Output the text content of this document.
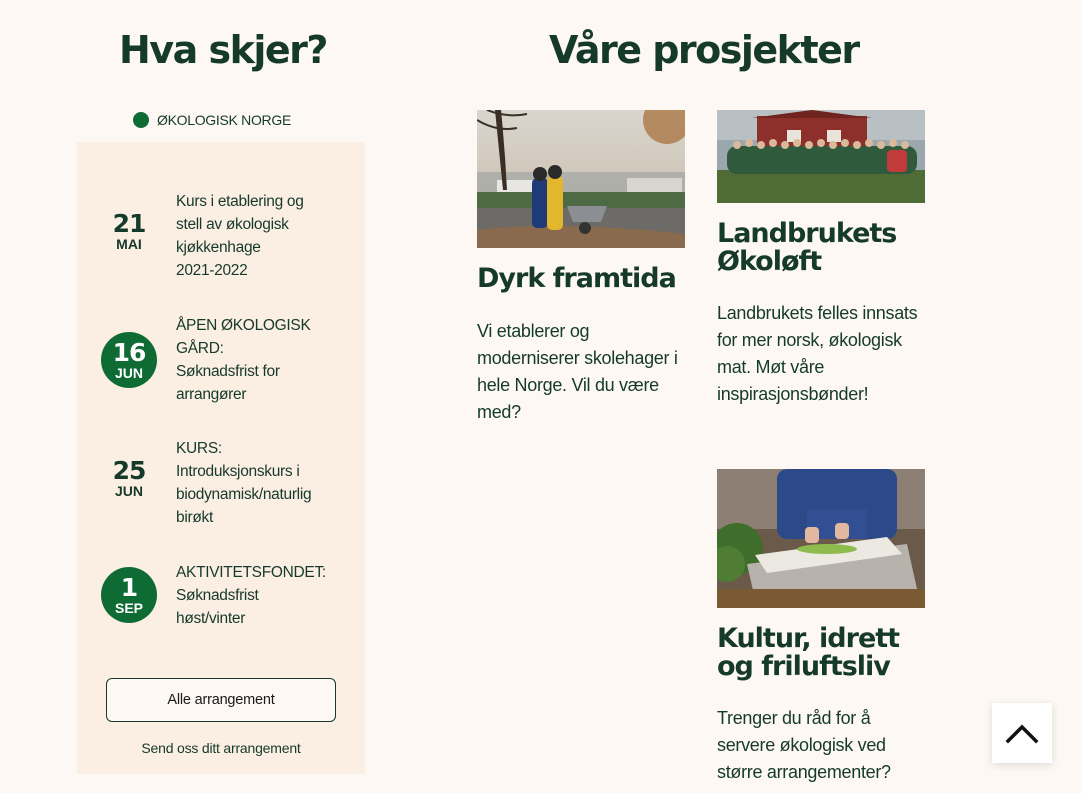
Hva skjer?	Våre prosjekter
ØKOLOGISK NORGE
21
MAI
Kurs i etablering og
stell av økologisk
kjøkkenhage
2021-2022
16
JUN
ÅPEN ØKOLOGISK
GÅRD:
Søknadsfrist for
arrangører
25
JUN
KURS:
Introduksjonskurs i
biodynamisk/naturlig
birøkt
1
SEP
AKTIVITETSFONDET:
Søknadsfrist
høst/vinter
Alle arrangement
Send oss ditt arrangement
Dyrk framtida

Vi etablerer og moderniserer skolehager i hele Norge. Vil du være med?

Landbrukets Økoløft

Landbrukets felles innsats for mer norsk, økologisk mat. Møt våre inspirasjonsbønder!

Kultur, idrett og friluftsliv

Trenger du råd for å servere økologisk ved større arrangementer?
